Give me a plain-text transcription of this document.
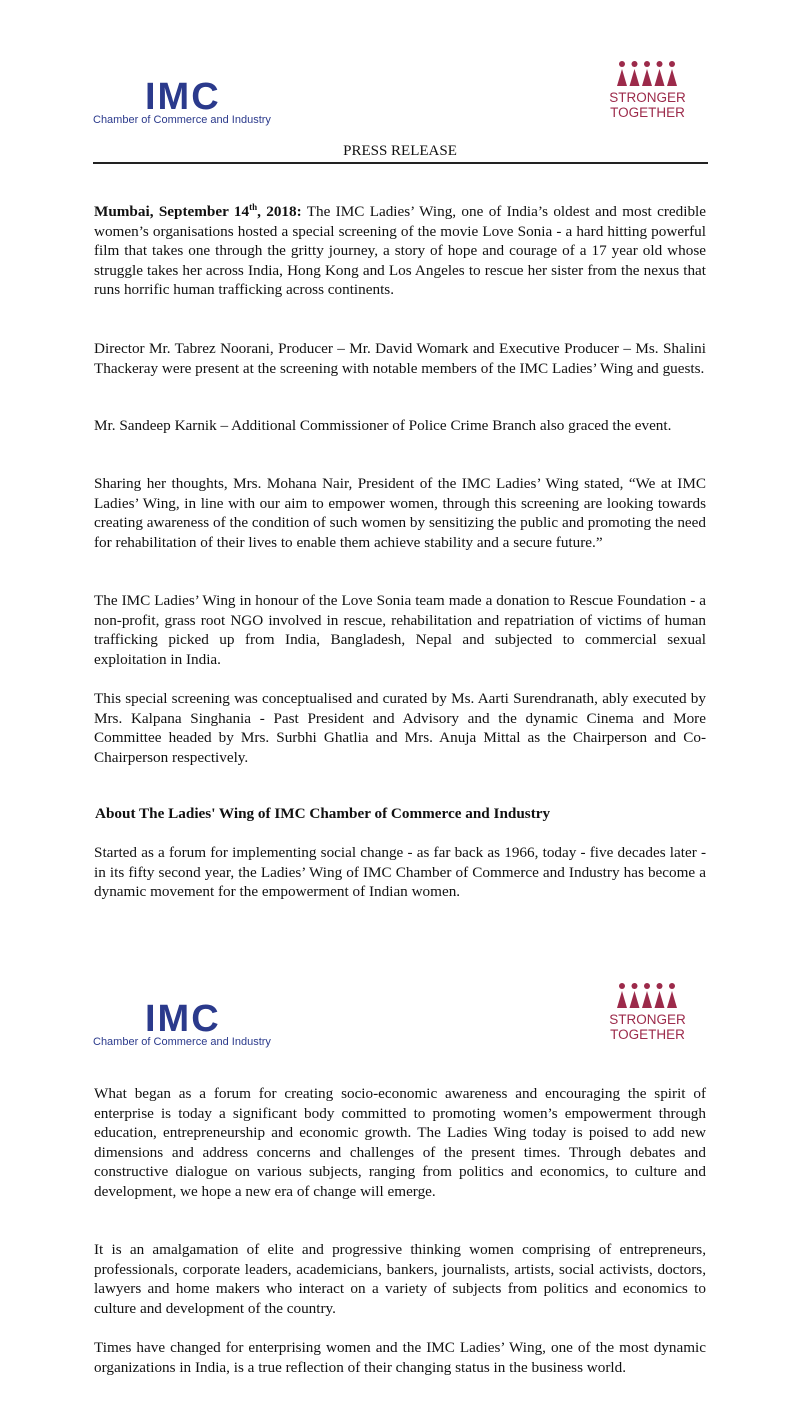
IMC
Chamber of Commerce and Industry
STRONGER
TOGETHER
PRESS RELEASE

Mumbai, September 14th, 2018: The IMC Ladies’ Wing, one of India’s oldest and most credible women’s organisations hosted a special screening of the movie Love Sonia - a hard hitting powerful film that takes one through the gritty journey, a story of hope and courage of a 17 year old whose struggle takes her across India, Hong Kong and Los Angeles to rescue her sister from the nexus that runs horrific human trafficking across continents.

Director Mr. Tabrez Noorani, Producer – Mr. David Womark and Executive Producer – Ms. Shalini Thackeray were present at the screening with notable members of the IMC Ladies’ Wing and guests.

Mr. Sandeep Karnik – Additional Commissioner of Police Crime Branch also graced the event.

Sharing her thoughts, Mrs. Mohana Nair, President of the IMC Ladies’ Wing stated, “We at IMC Ladies’ Wing, in line with our aim to empower women, through this screening are looking towards creating awareness of the condition of such women by sensitizing the public and promoting the need for rehabilitation of their lives to enable them achieve stability and a secure future.”

The IMC Ladies’ Wing in honour of the Love Sonia team made a donation to Rescue Foundation - a non-profit, grass root NGO involved in rescue, rehabilitation and repatriation of victims of human trafficking picked up from India, Bangladesh, Nepal and subjected to commercial sexual exploitation in India.

This special screening was conceptualised and curated by Ms. Aarti Surendranath, ably executed by Mrs. Kalpana Singhania - Past President and Advisory and the dynamic Cinema and More Committee headed by Mrs. Surbhi Ghatlia and Mrs. Anuja Mittal as the Chairperson and Co-Chairperson respectively.

About The Ladies' Wing of IMC Chamber of Commerce and Industry

Started as a forum for implementing social change - as far back as 1966, today - five decades later - in its fifty second year, the Ladies’ Wing of IMC Chamber of Commerce and Industry has become a dynamic movement for the empowerment of Indian women.

IMC
Chamber of Commerce and Industry
STRONGER
TOGETHER

What began as a forum for creating socio-economic awareness and encouraging the spirit of enterprise is today a significant body committed to promoting women’s empowerment through education, entrepreneurship and economic growth. The Ladies Wing today is poised to add new dimensions and address concerns and challenges of the present times. Through debates and constructive dialogue on various subjects, ranging from politics and economics, to culture and development, we hope a new era of change will emerge.

It is an amalgamation of elite and progressive thinking women comprising of entrepreneurs, professionals, corporate leaders, academicians, bankers, journalists, artists, social activists, doctors, lawyers and home makers who interact on a variety of subjects from politics and economics to culture and development of the country.

Times have changed for enterprising women and the IMC Ladies’ Wing, one of the most dynamic organizations in India, is a true reflection of their changing status in the business world.
